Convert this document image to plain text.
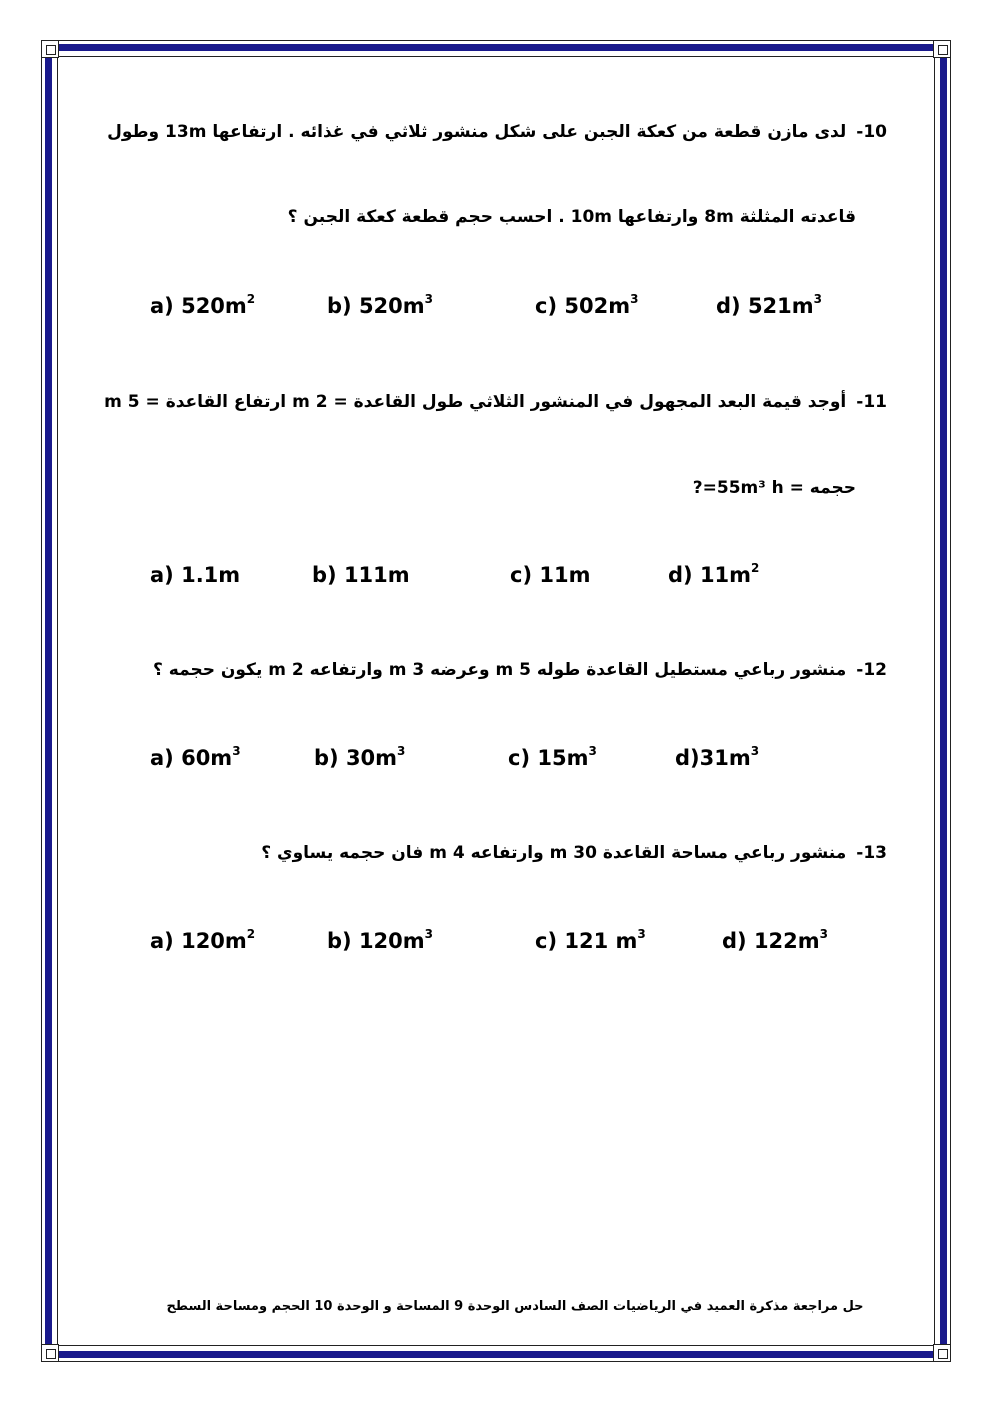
10-لدى مازن قطعة من كعكة الجبن على شكل منشور ثلاثي في غذائه . ارتفاعها 13m وطول
قاعدته المثلثة 8m وارتفاعها 10m . احسب حجم قطعة كعكة الجبن ؟
a) $520m^2$	b) $520m^3$	c) $502m^3$	d) $521m^3$
11-أوجد قيمة البعد المجهول في المنشور الثلاثي طول القاعدة = 2 m ارتفاع القاعدة = 5 m
حجمه = 55m³ h=?
a) 1.1m	b) 111m	c) 11m	d) $11m^2$
12-منشور رباعي مستطيل القاعدة طوله 5 m وعرضه 3 m وارتفاعه 2 m يكون حجمه ؟
a) $60m^3$	b) $30m^3$	c) $15m^3$	$d)31m^3$
13-منشور رباعي مساحة القاعدة 30 m وارتفاعه 4 m فان حجمه يساوي ؟
a) $120m^2$	b) $120m^3$	c) 121 $m^3$	d) $122m^3$
حل مراجعة مذكرة العميد في الرياضيات الصف السادس الوحدة 9 المساحة و الوحدة 10 الحجم ومساحة السطح
